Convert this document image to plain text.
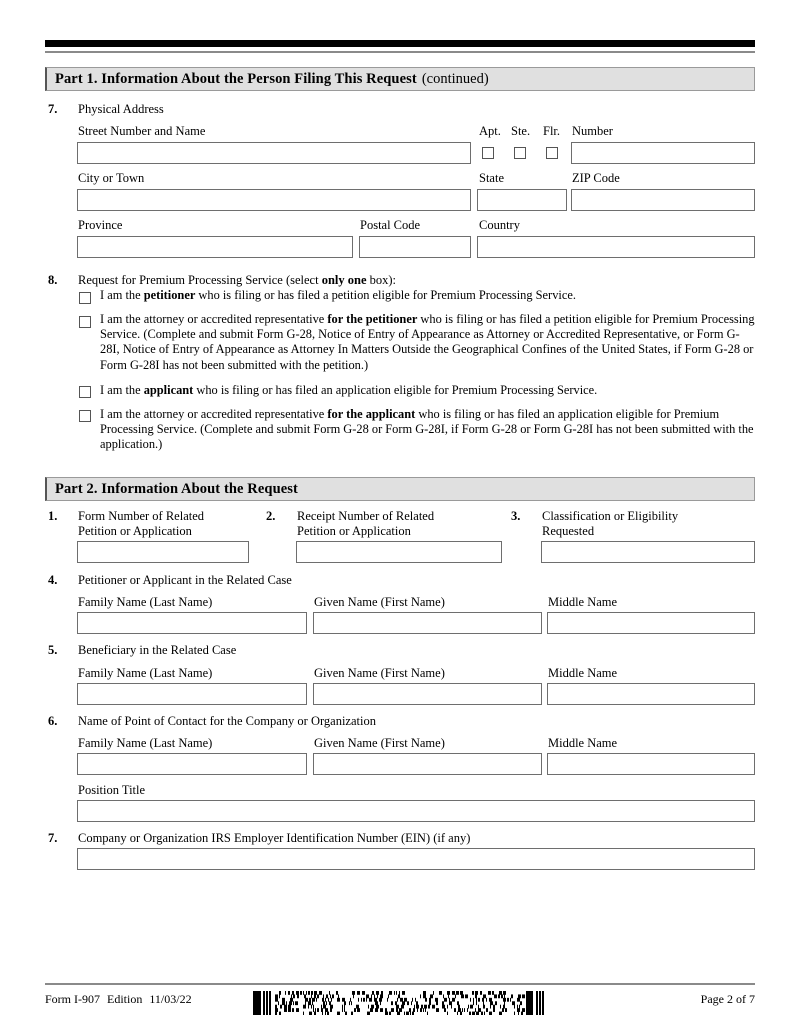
Part 1. Information About the Person Filing This Request (continued)
7. Physical Address
Street Number and Name	Apt. Ste. Flr. Number
City or Town	State	ZIP Code
Province	Postal Code	Country
8. Request for Premium Processing Service (select only one box):
I am the petitioner who is filing or has filed a petition eligible for Premium Processing Service.
I am the attorney or accredited representative for the petitioner who is filing or has filed a petition eligible for Premium Processing Service. (Complete and submit Form G-28, Notice of Entry of Appearance as Attorney or Accredited Representative, or Form G-28I, Notice of Entry of Appearance as Attorney In Matters Outside the Geographical Confines of the United States, if Form G-28 or Form G-28I has not been submitted with the petition.)
I am the applicant who is filing or has filed an application eligible for Premium Processing Service.
I am the attorney or accredited representative for the applicant who is filing or has filed an application eligible for Premium Processing Service. (Complete and submit Form G-28 or Form G-28I, if Form G-28 or Form G-28I has not been submitted with the application.)
Part 2. Information About the Request
1. Form Number of Related
Petition or Application
2. Receipt Number of Related
Petition or Application
3. Classification or Eligibility
Requested
4. Petitioner or Applicant in the Related Case
Family Name (Last Name)	Given Name (First Name)	Middle Name
5. Beneficiary in the Related Case
Family Name (Last Name)	Given Name (First Name)	Middle Name
6. Name of Point of Contact for the Company or Organization
Family Name (Last Name)	Given Name (First Name)	Middle Name
Position Title
7. Company or Organization IRS Employer Identification Number (EIN) (if any)
Form I-907 Edition 11/03/22	Page 2 of 7
